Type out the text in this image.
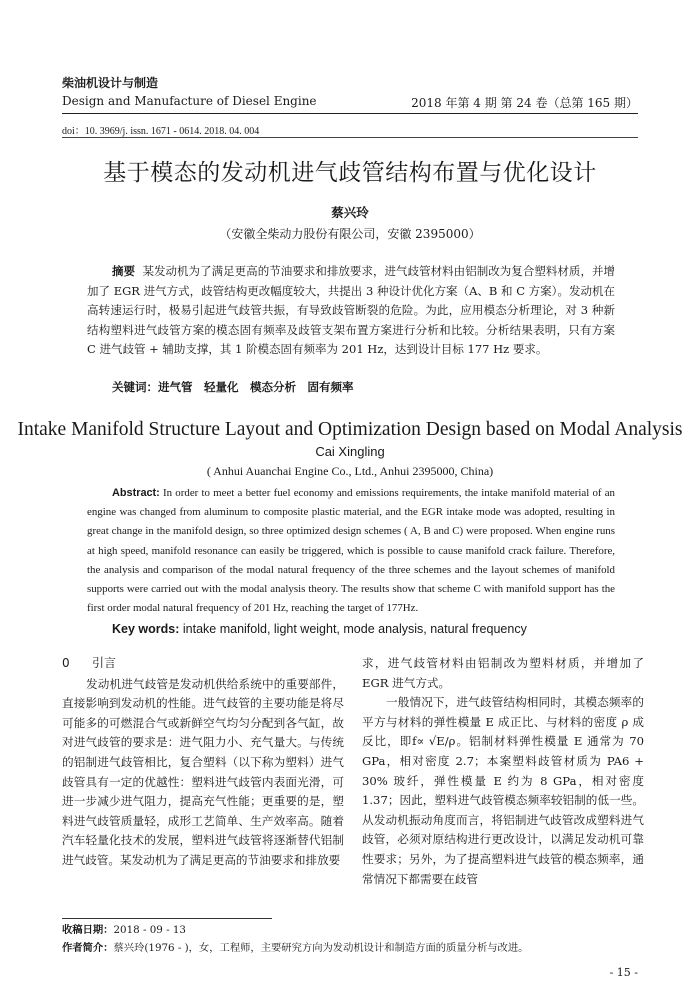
柴油机设计与制造
Design and Manufacture of Diesel Engine	2018 年第 4 期 第 24 卷（总第 165 期）
doi：10. 3969/j. issn. 1671 - 0614. 2018. 04. 004
基于模态的发动机进气歧管结构布置与优化设计
蔡兴玲
（安徽全柴动力股份有限公司，安徽 2395000）
摘要 某发动机为了满足更高的节油要求和排放要求，进气歧管材料由铝制改为复合塑料材质，并增加了 EGR 进气方式，歧管结构更改幅度较大，共提出 3 种设计优化方案（A、B 和 C 方案）。发动机在高转速运行时，极易引起进气歧管共振，有导致歧管断裂的危险。为此，应用模态分析理论，对 3 种新结构塑料进气歧管方案的模态固有频率及歧管支架布置方案进行分析和比较。分析结果表明，只有方案 C 进气歧管 + 辅助支撑，其 1 阶模态固有频率为 201 Hz，达到设计目标 177 Hz 要求。
关键词：进气管　轻量化　模态分析　固有频率
Intake Manifold Structure Layout and Optimization Design based on Modal Analysis
Cai Xingling
( Anhui Auanchai Engine Co., Ltd., Anhui 2395000, China)
Abstract: In order to meet a better fuel economy and emissions requirements, the intake manifold material of an engine was changed from aluminum to composite plastic material, and the EGR intake mode was adopted, resulting in great change in the manifold design, so three optimized design schemes ( A, B and C) were proposed. When engine runs at high speed, manifold resonance can easily be triggered, which is possible to cause manifold crack failure. Therefore, the analysis and comparison of the modal natural frequency of the three schemes and the layout schemes of manifold supports were carried out with the modal analysis theory. The results show that scheme C with manifold support has the first order modal natural frequency of 201 Hz, reaching the target of 177Hz.
Key words: intake manifold, light weight, mode analysis, natural frequency
0 引言

发动机进气歧管是发动机供给系统中的重要部件，直接影响到发动机的性能。进气歧管的主要功能是将尽可能多的可燃混合气或新鲜空气均匀分配到各气缸，故对进气歧管的要求是：进气阻力小、充气量大。与传统的铝制进气歧管相比，复合塑料（以下称为塑料）进气歧管具有一定的优越性：塑料进气歧管内表面光滑，可进一步减少进气阻力，提高充气性能；更重要的是，塑料进气歧管质量轻，成形工艺简单、生产效率高。随着汽车轻量化技术的发展，塑料进气歧管将逐渐替代铝制进气歧管。某发动机为了满足更高的节油要求和排放要

求，进气歧管材料由铝制改为塑料材质，并增加了 EGR 进气方式。

一般情况下，进气歧管结构相同时，其模态频率的平方与材料的弹性模量 E 成正比、与材料的密度 ρ 成反比，即f∝ √E/ρ。铝制材料弹性模量 E 通常为 70 GPa，相对密度 2.7；本案塑料歧管材质为 PA6 + 30% 玻纤，弹性模量 E 约为 8 GPa，相对密度 1.37；因此，塑料进气歧管模态频率较铝制的低一些。从发动机振动角度而言，将铝制进气歧管改成塑料进气歧管，必须对原结构进行更改设计，以满足发动机可靠性要求；另外，为了提高塑料进气歧管的模态频率，通常情况下都需要在歧管

收稿日期：2018 - 09 - 13
作者简介：蔡兴玲(1976 - )，女，工程师，主要研究方向为发动机设计和制造方面的质量分析与改进。
- 15 -
